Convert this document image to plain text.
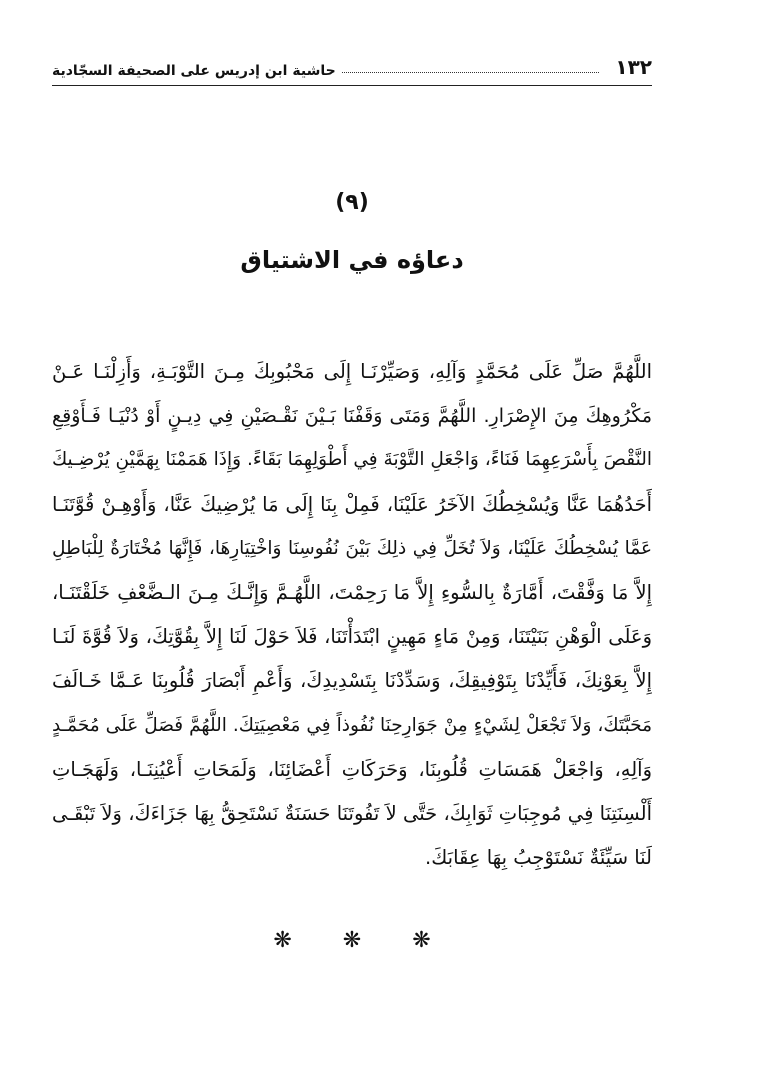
١٣٢
حاشية ابن إدريس على الصحيفة السجّادية
(٩)
دعاؤه في الاشتياق
اللَّهُمَّ صَلِّ عَلَى مُحَمَّدٍ وَآلِهِ، وَصَيِّرْنَـا إِلَى مَحْبُوبِكَ مِـنَ التَّوْبَـةِ، وَأَزِلْنَـا عَـنْ
مَكْرُوهِكَ مِنَ الإِصْرَارِ. اللَّهُمَّ وَمَتَى وَقَفْنَا بَـيْنَ نَقْـصَيْنِ فِي دِيـنٍ أَوْ دُنْيَـا فَـأَوْقِعِ
النَّقْصَ بِأَسْرَعِهِمَا فَنَاءً، وَاجْعَلِ التَّوْبَةَ فِي أَطْوَلِهِمَا بَقَاءً. وَإِذَا هَمَمْنَا بِهَمَّيْنِ يُرْضِـيكَ
أَحَدُهُمَا عَنَّا وَيُسْخِطُكَ الآخَرُ عَلَيْنَا، فَمِلْ بِنَا إِلَى مَا يُرْضِيكَ عَنَّا، وَأَوْهِـنْ قُوَّتَنَـا
عَمَّا يُسْخِطُكَ عَلَيْنَا، وَلاَ تُخَلِّ فِي ذلِكَ بَيْنَ نُفُوسِنَا وَاخْتِيَارِهَا، فَإِنَّهَا مُخْتَارَةٌ لِلْبَاطِلِ
إِلاَّ مَا وَفَّقْتَ، أَمَّارَةٌ بِالسُّوءِ إِلاَّ مَا رَحِمْتَ، اللَّهُـمَّ وَإِنَّـكَ مِـنَ الـضَّعْفِ خَلَقْتَنَـا،
وَعَلَى الْوَهْنِ بَنَيْتَنَا، وَمِنْ مَاءٍ مَهِينٍ ابْتَدَأْتَنَا، فَلاَ حَوْلَ لَنَا إِلاَّ بِقُوَّتِكَ، وَلاَ قُوَّةَ لَنَـا
إِلاَّ بِعَوْنِكَ، فَأَيِّدْنَا بِتَوْفِيقِكَ، وَسَدِّدْنَا بِتَسْدِيدِكَ، وَأَعْمِ أَبْصَارَ قُلُوبِنَا عَـمَّا خَـالَفَ
مَحَبَّتَكَ، وَلاَ تَجْعَلْ لِشَيْءٍ مِنْ جَوَارِحِنَا نُفُوذاً فِي مَعْصِيَتِكَ. اللَّهُمَّ فَصَلِّ عَلَى مُحَمَّـدٍ
وَآلِهِ، وَاجْعَلْ هَمَسَاتِ قُلُوبِنَا، وَحَرَكَاتِ أَعْضَائِنَا، وَلَمَحَاتِ أَعْيُنِنَـا، وَلَهَجَـاتِ
أَلْسِنَتِنَا فِي مُوجِبَاتِ ثَوَابِكَ، حَتَّى لاَ تَفُوتَنَا حَسَنَةٌ نَسْتَحِقُّ بِهَا جَزَاءَكَ، وَلاَ تَبْقَـى
لَنَا سَيِّئَةٌ نَسْتَوْجِبُ بِهَا عِقَابَكَ.
❋ ❋ ❋
